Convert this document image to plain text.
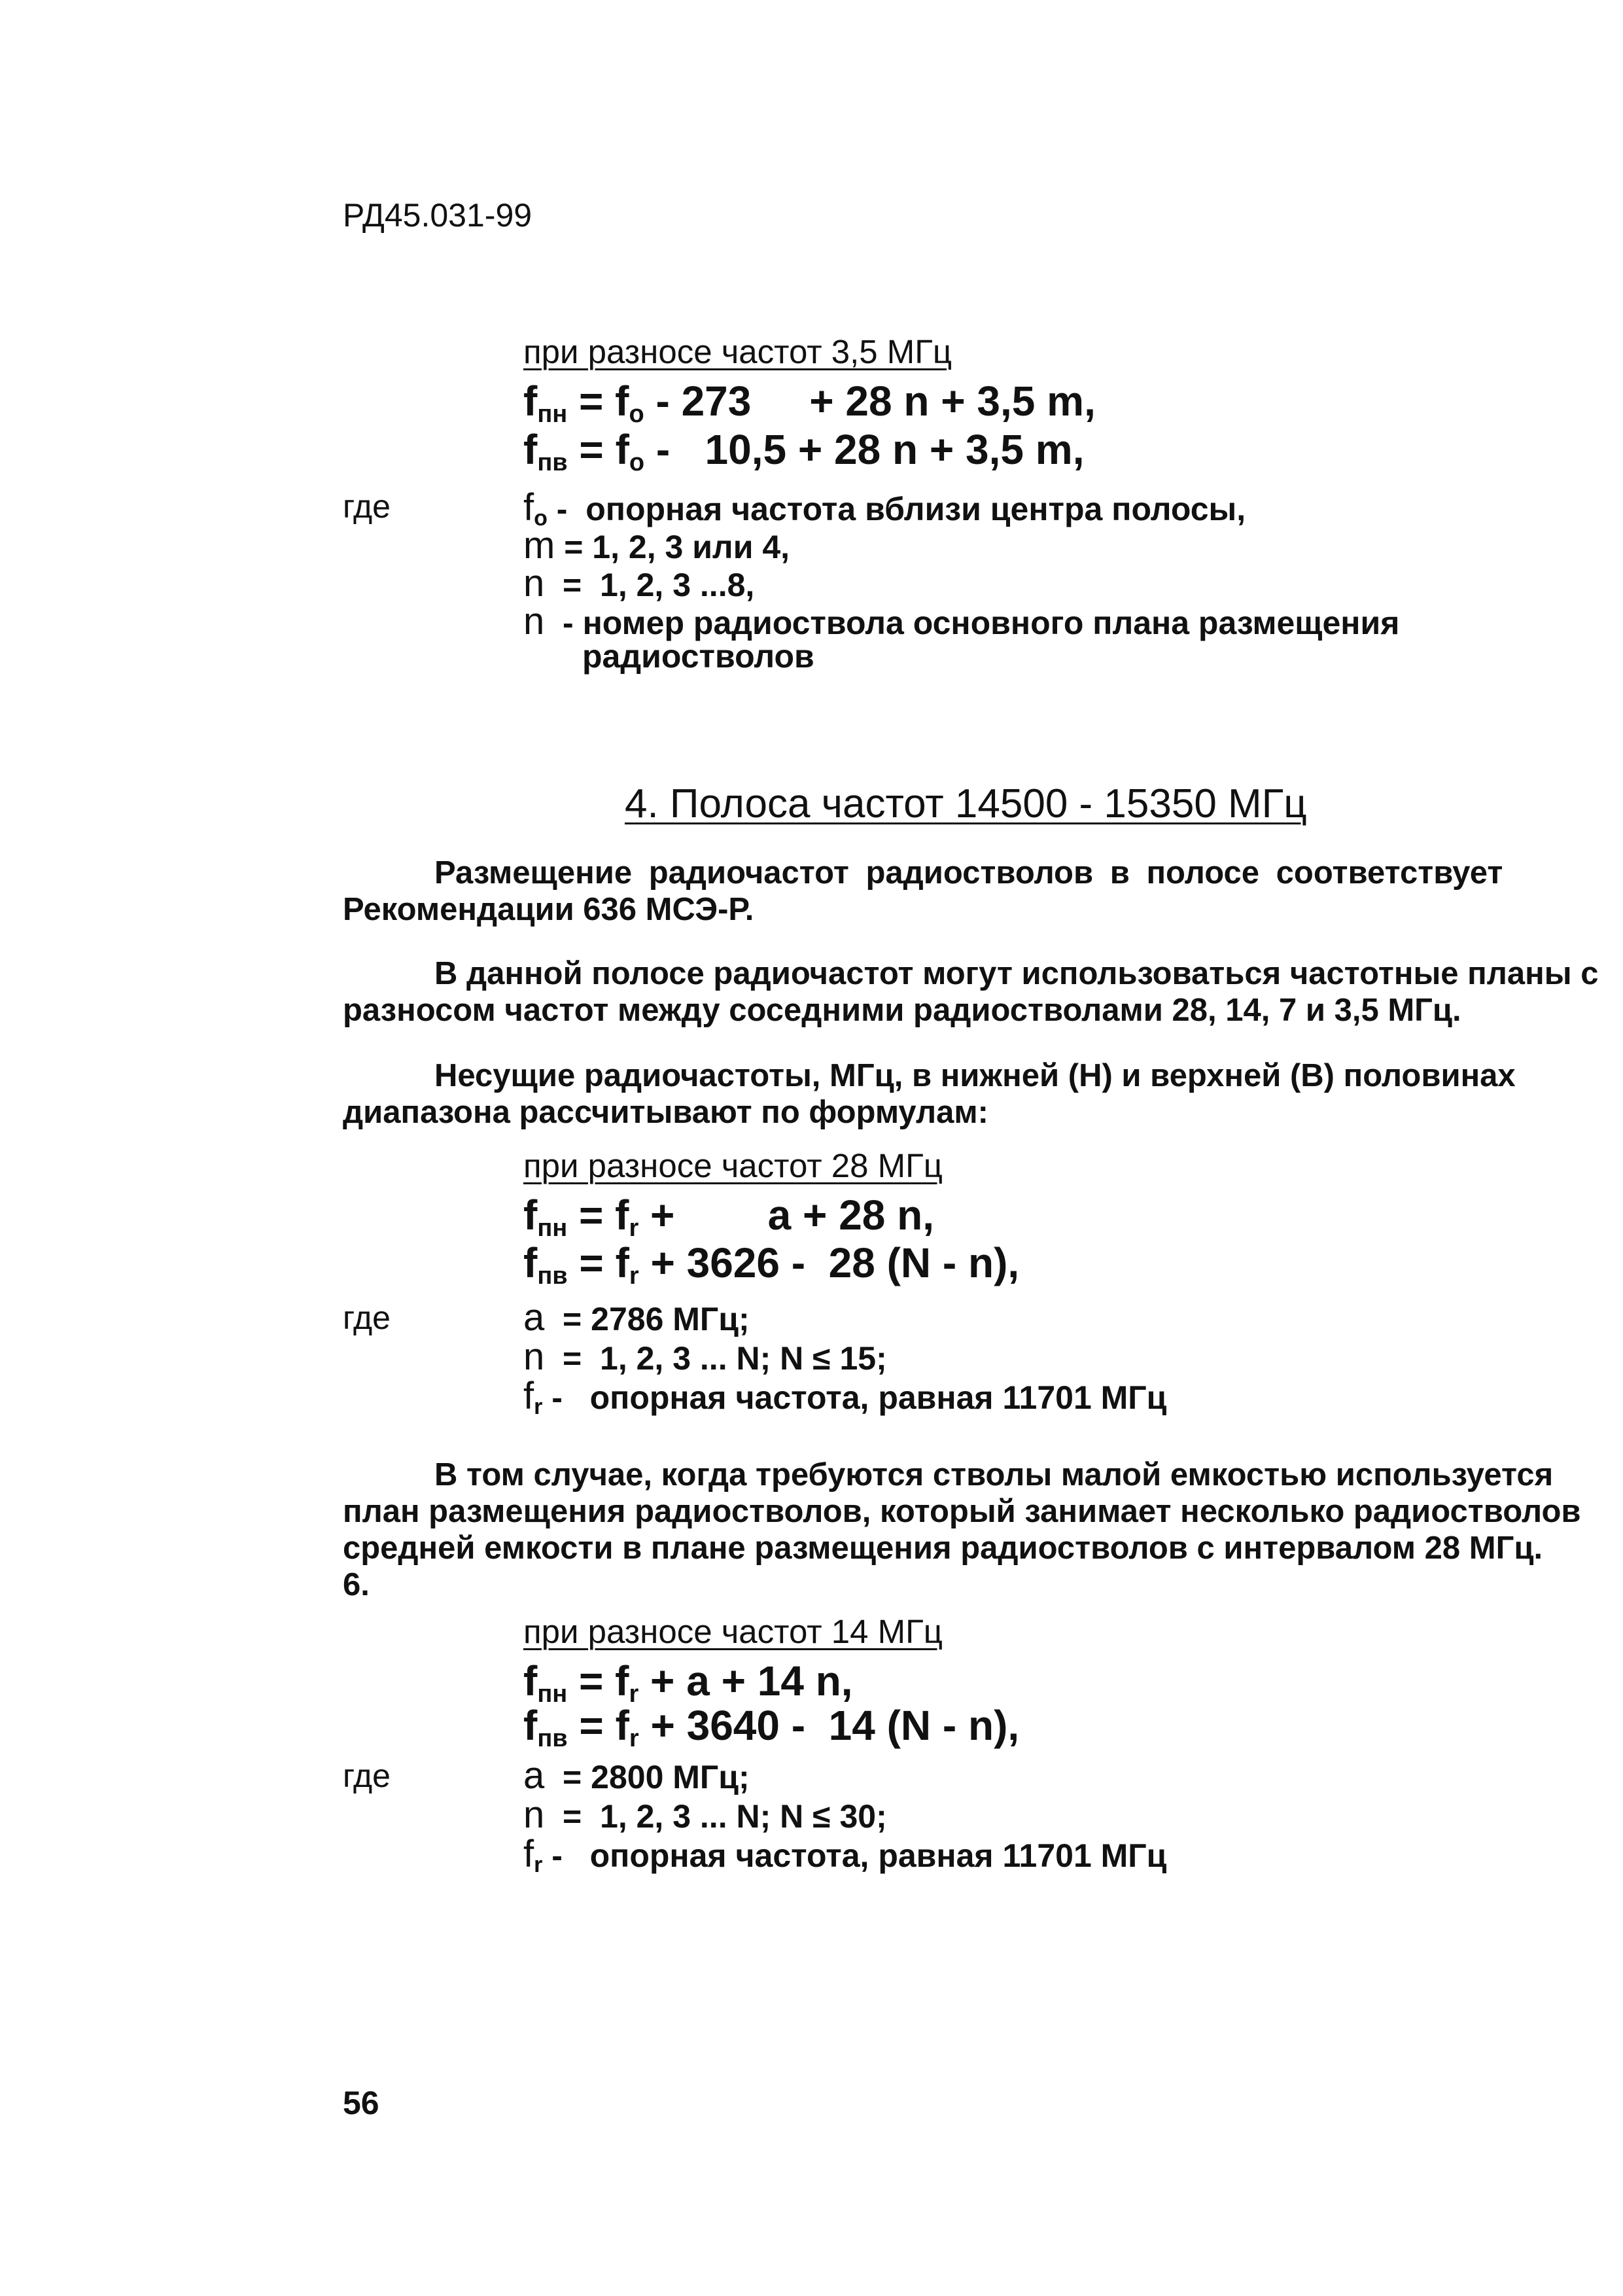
РД45.031-99
при разносе частот 3,5 МГц
$f_{пн} = f_o - 273$     + 28 n + 3,5 m,
$f_{пв} = f_o - 10,5 + 28$ n + 3,5 m,
где	$f_o$ -  опорная частота вблизи центра полосы,
m = 1, 2, 3 или 4,
n  =  1, 2, 3 ...8,
n  - номер радиоствола основного плана размещения
радиостволов
4. Полоса частот 14500 - 15350 МГц
Размещение радиочастот радиостволов в полосе соответствует
Рекомендации 636 МСЭ-Р.
В данной полосе радиочастот могут использоваться частотные планы с
разносом частот между соседними радиостволами 28, 14, 7 и 3,5 МГц.
Несущие радиочастоты, МГц, в нижней (Н) и верхней (В) половинах
диапазона рассчитывают по формулам:
при разносе частот 28 МГц
$f_{пн} = f_r$ +        a + 28 n,
$f_{пв} = f_r + 3626 - 28$ (N - n),
где	a  = 2786 МГц;
n  =  1, 2, 3 ... N; N ≤ 15;
$f_r$ -   опорная частота, равная 11701 МГц
В том случае, когда требуются стволы малой емкостью используется
план размещения радиостволов, который занимает несколько радиостволов
средней емкости в плане размещения радиостволов с интервалом 28 МГц.
6.
при разносе частот 14 МГц
$f_{пн} = f_r + a + 14$ n,
$f_{пв} = f_r + 3640 - 14$ (N - n),
где	a  = 2800 МГц;
n  =  1, 2, 3 ... N; N ≤ 30;
$f_r$ -   опорная частота, равная 11701 МГц
56
